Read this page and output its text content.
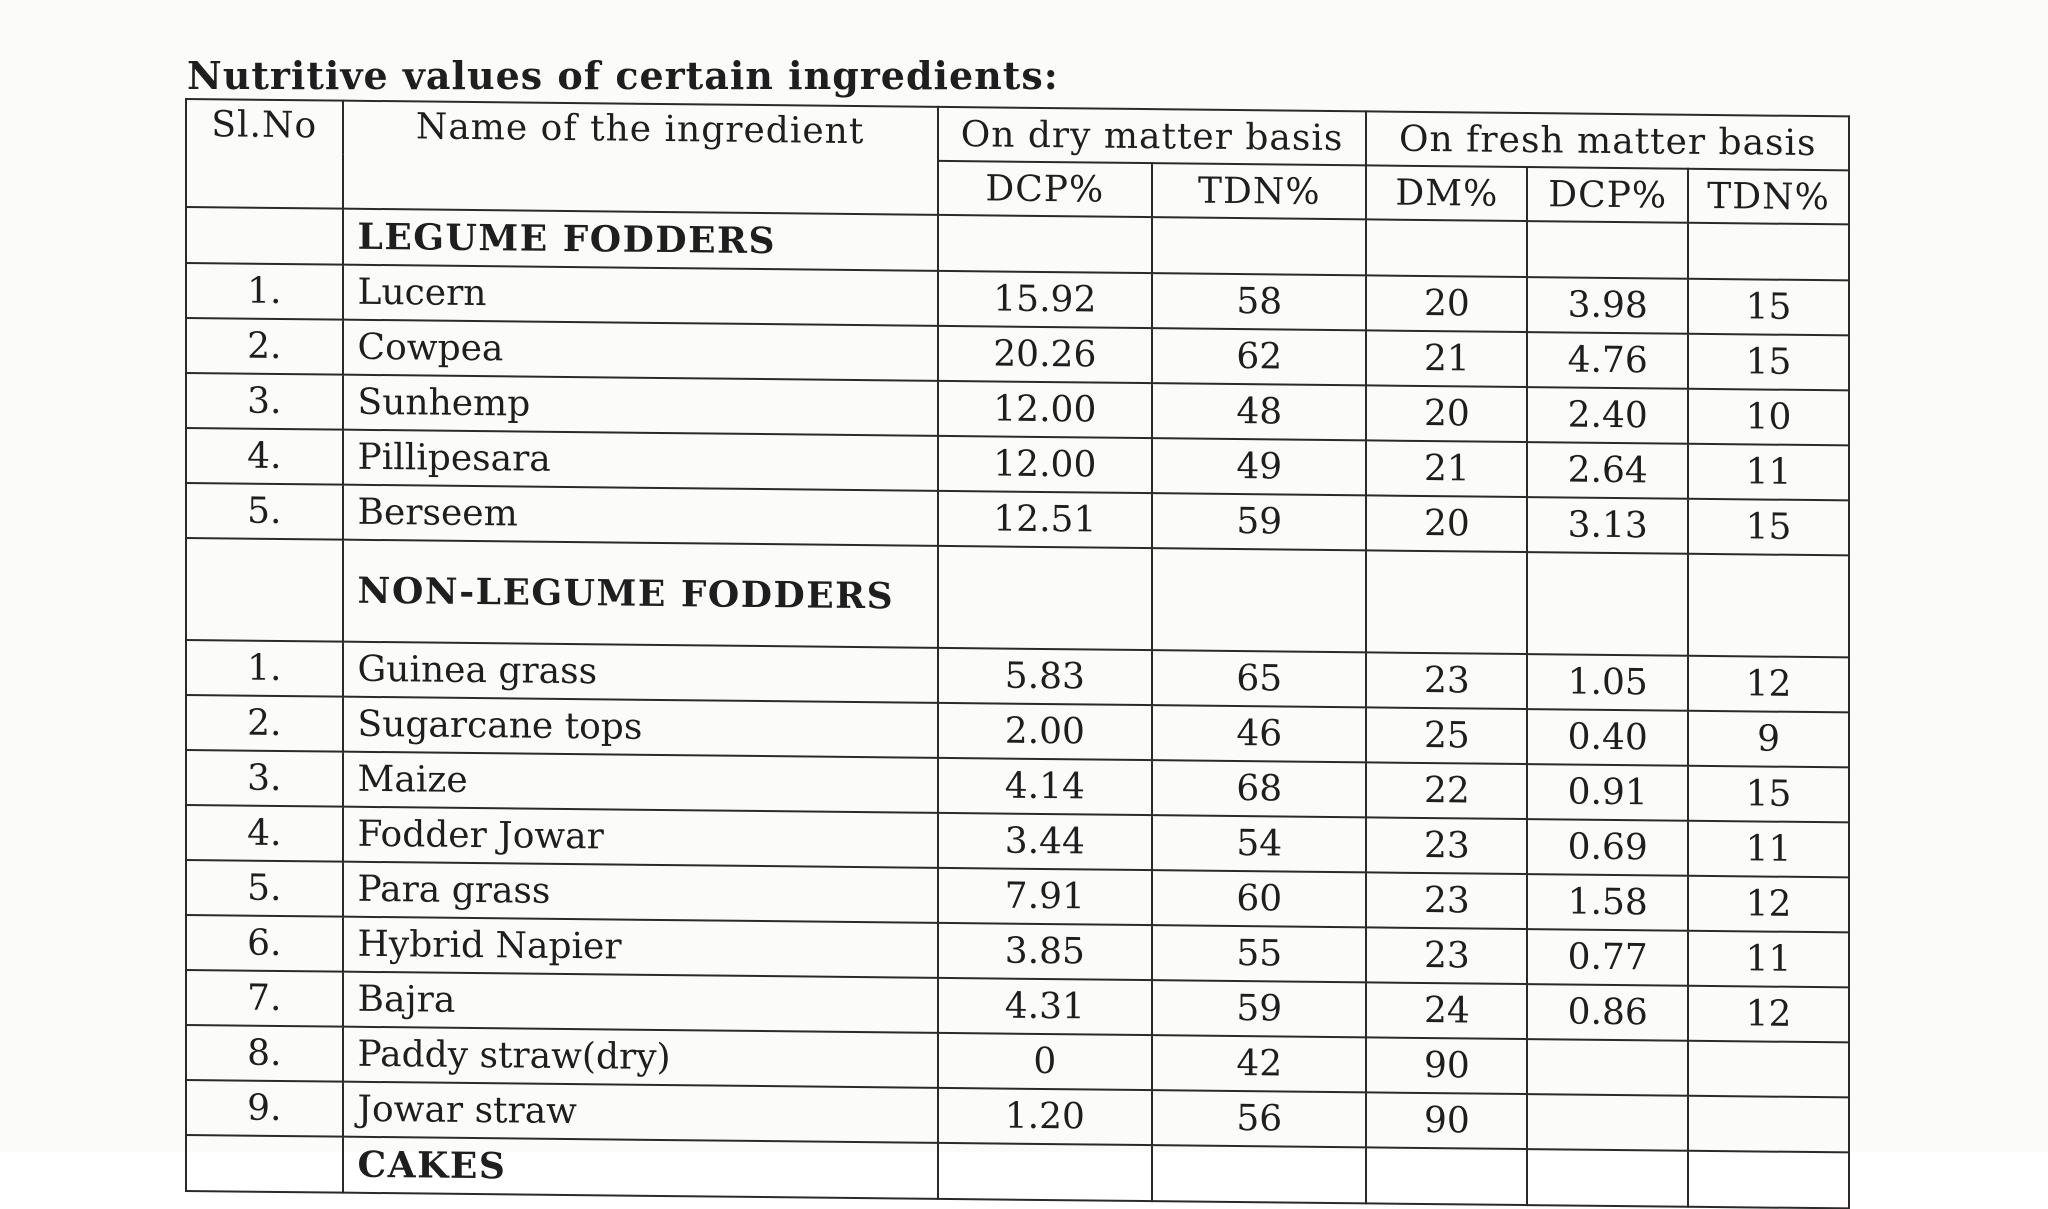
Nutritive values of certain ingredients:
Sl.No	Name of the ingredient	On dry matter basis		On fresh matter basis		
		DCP%	TDN%	DM%	DCP%	TDN%
	LEGUME FODDERS					
1.	Lucern	15.92	58	20	3.98	15
2.	Cowpea	20.26	62	21	4.76	15
3.	Sunhemp	12.00	48	20	2.40	10
4.	Pillipesara	12.00	49	21	2.64	11
5.	Berseem	12.51	59	20	3.13	15
	NON-LEGUME FODDERS					
1.	Guinea grass	5.83	65	23	1.05	12
2.	Sugarcane tops	2.00	46	25	0.40	9
3.	Maize	4.14	68	22	0.91	15
4.	Fodder Jowar	3.44	54	23	0.69	11
5.	Para grass	7.91	60	23	1.58	12
6.	Hybrid Napier	3.85	55	23	0.77	11
7.	Bajra	4.31	59	24	0.86	12
8.	Paddy straw(dry)	0	42	90		
9.	Jowar straw	1.20	56	90		
	CAKES					
